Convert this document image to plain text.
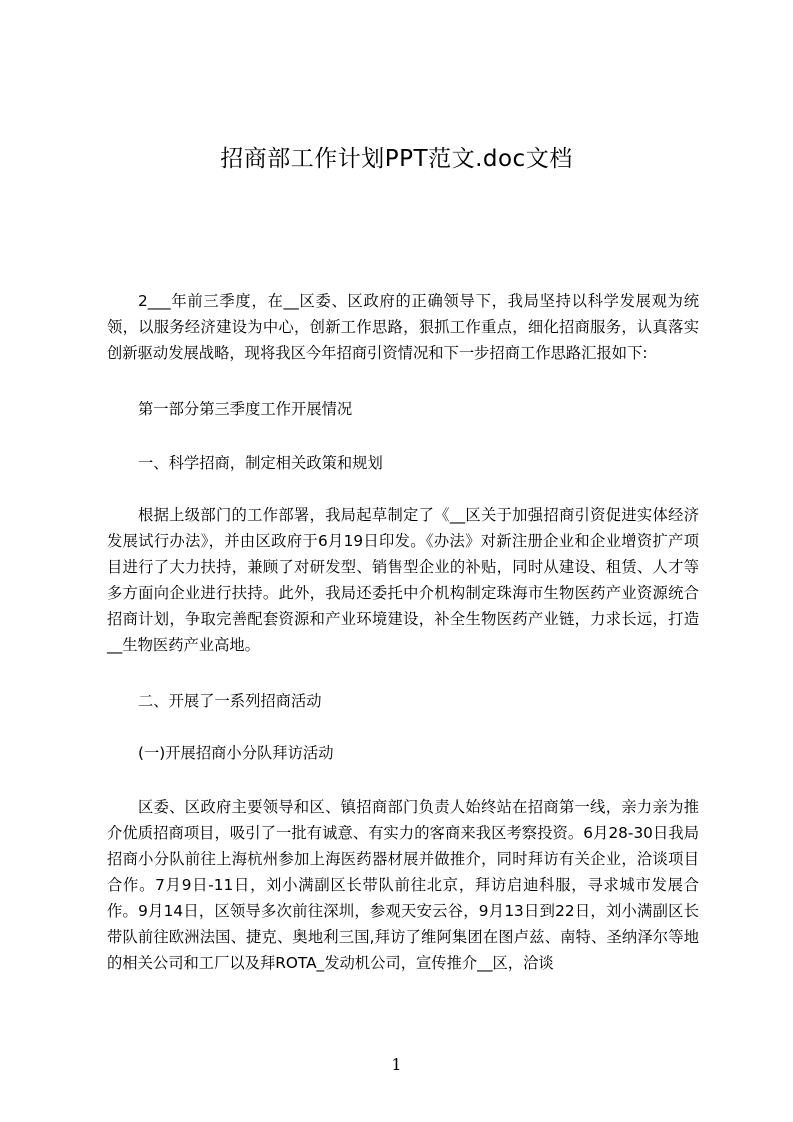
招商部工作计划PPT范文.doc文档

2___年前三季度，在__区委、区政府的正确领导下，我局坚持以科学发展观为统领，以服务经济建设为中心，创新工作思路，狠抓工作重点，细化招商服务，认真落实创新驱动发展战略，现将我区今年招商引资情况和下一步招商工作思路汇报如下:

第一部分第三季度工作开展情况

一、科学招商，制定相关政策和规划

根据上级部门的工作部署，我局起草制定了《__区关于加强招商引资促进实体经济发展试行办法》，并由区政府于6月19日印发。《办法》对新注册企业和企业增资扩产项目进行了大力扶持，兼顾了对研发型、销售型企业的补贴，同时从建设、租赁、人才等多方面向企业进行扶持。此外，我局还委托中介机构制定珠海市生物医药产业资源统合招商计划，争取完善配套资源和产业环境建设，补全生物医药产业链，力求长远，打造__生物医药产业高地。

二、开展了一系列招商活动

(一)开展招商小分队拜访活动

区委、区政府主要领导和区、镇招商部门负责人始终站在招商第一线，亲力亲为推介优质招商项目，吸引了一批有诚意、有实力的客商来我区考察投资。6月28-30日我局招商小分队前往上海杭州参加上海医药器材展并做推介，同时拜访有关企业，洽谈项目合作。7月9日-11日，刘小满副区长带队前往北京，拜访启迪科服，寻求城市发展合作。9月14日，区领导多次前往深圳，参观天安云谷，9月13日到22日，刘小满副区长带队前往欧洲法国、捷克、奥地利三国,拜访了维阿集团在图卢兹、南特、圣纳泽尔等地的相关公司和工厂以及拜ROTA_发动机公司，宣传推介__区，洽谈

1
